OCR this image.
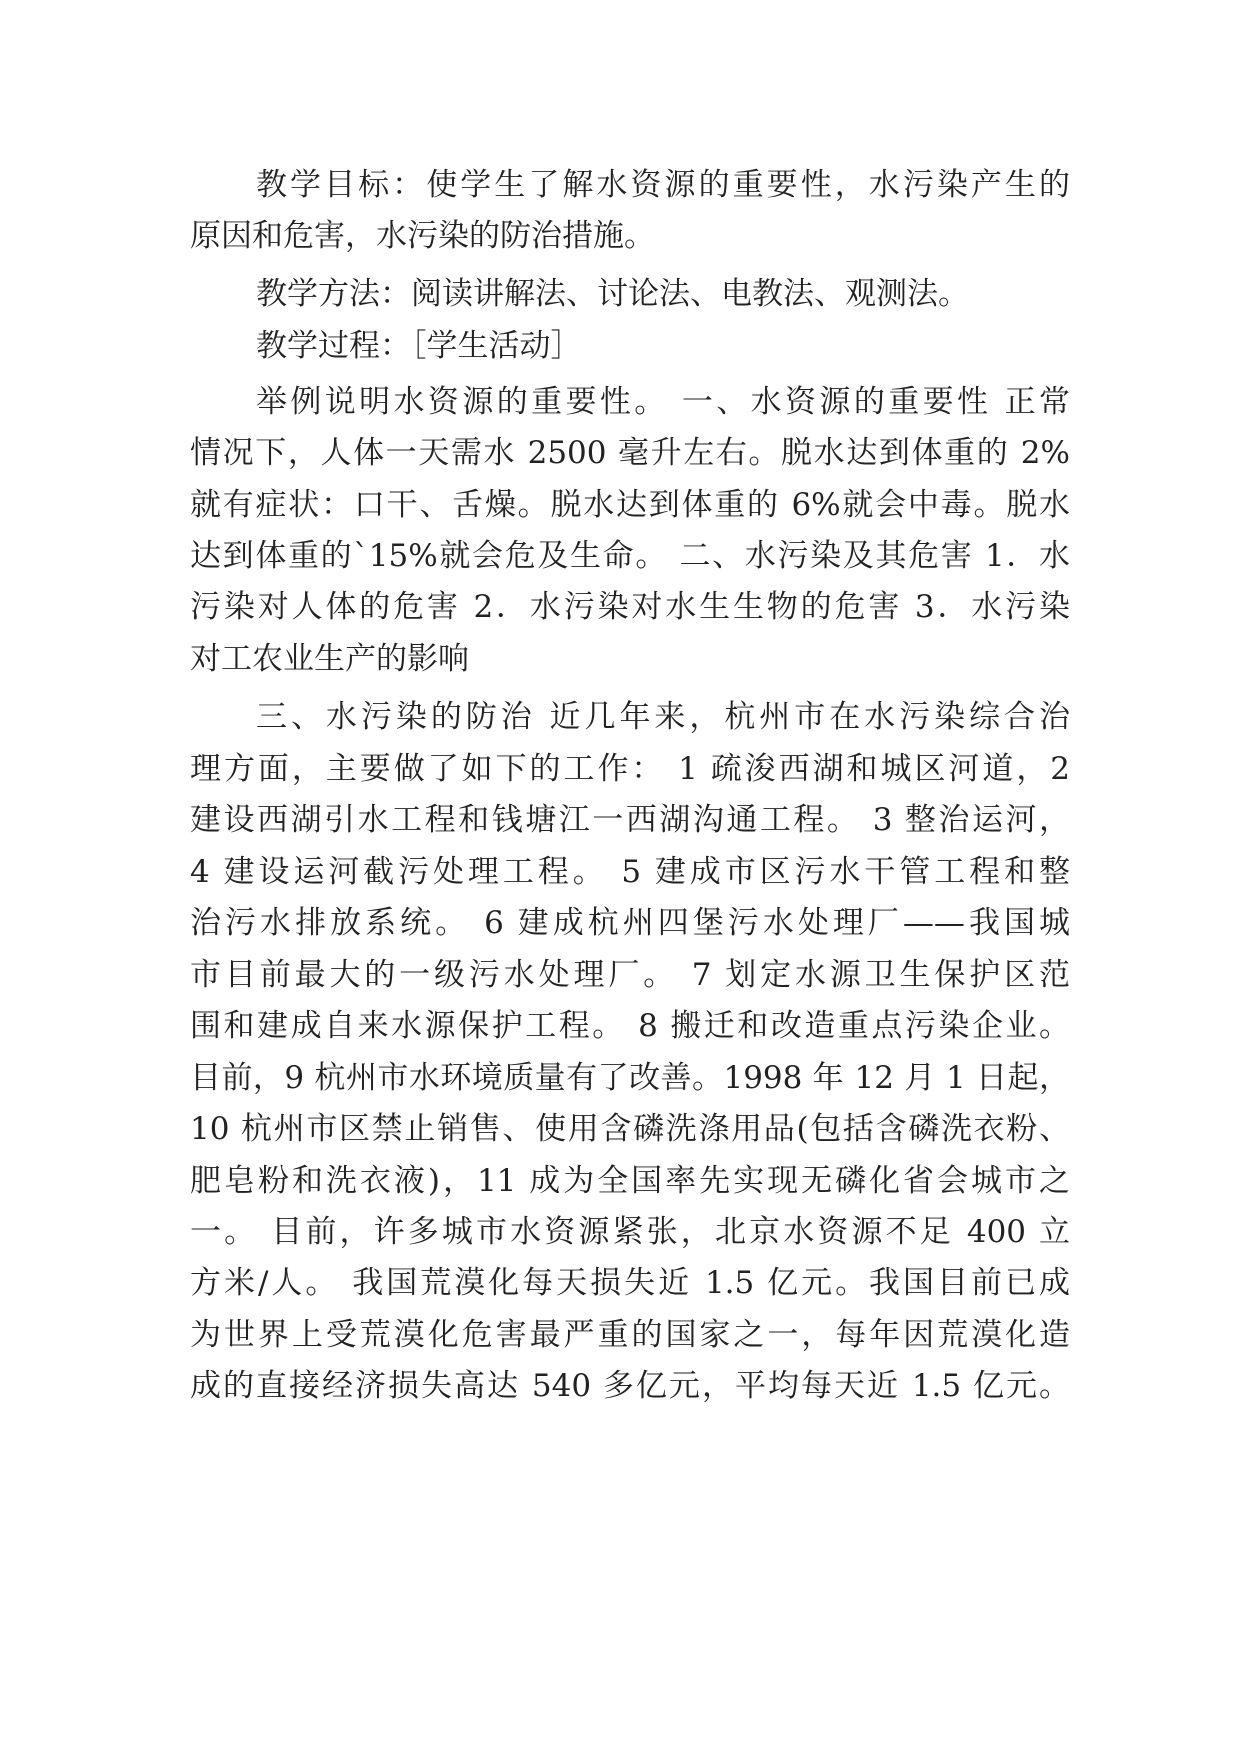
教学目标：使学生了解水资源的重要性，水污染产生的
原因和危害，水污染的防治措施。
教学方法：阅读讲解法、讨论法、电教法、观测法。
教学过程：［学生活动］
举例说明水资源的重要性。 一、水资源的重要性 正常
情况下，人体一天需水 2500 毫升左右。脱水达到体重的 2%
就有症状：口干、舌燥。脱水达到体重的 6%就会中毒。脱水
达到体重的`15%就会危及生命。 二、水污染及其危害 1．水
污染对人体的危害 2．水污染对水生生物的危害 3．水污染
对工农业生产的影响
三、水污染的防治 近几年来，杭州市在水污染综合治
理方面，主要做了如下的工作： 1 疏浚西湖和城区河道，2
建设西湖引水工程和钱塘江一西湖沟通工程。 3 整治运河，
4 建设运河截污处理工程。 5 建成市区污水干管工程和整
治污水排放系统。 6 建成杭州四堡污水处理厂——我国城
市目前最大的一级污水处理厂。 7 划定水源卫生保护区范
围和建成自来水源保护工程。 8 搬迁和改造重点污染企业。
目前，9 杭州市水环境质量有了改善。1998 年 12 月 1 日起，
10 杭州市区禁止销售、使用含磷洗涤用品(包括含磷洗衣粉、
肥皂粉和洗衣液)，11 成为全国率先实现无磷化省会城市之
一。 目前，许多城市水资源紧张，北京水资源不足 400 立
方米/人。 我国荒漠化每天损失近 1.5 亿元。我国目前已成
为世界上受荒漠化危害最严重的国家之一，每年因荒漠化造
成的直接经济损失高达 540 多亿元，平均每天近 1.5 亿元。
